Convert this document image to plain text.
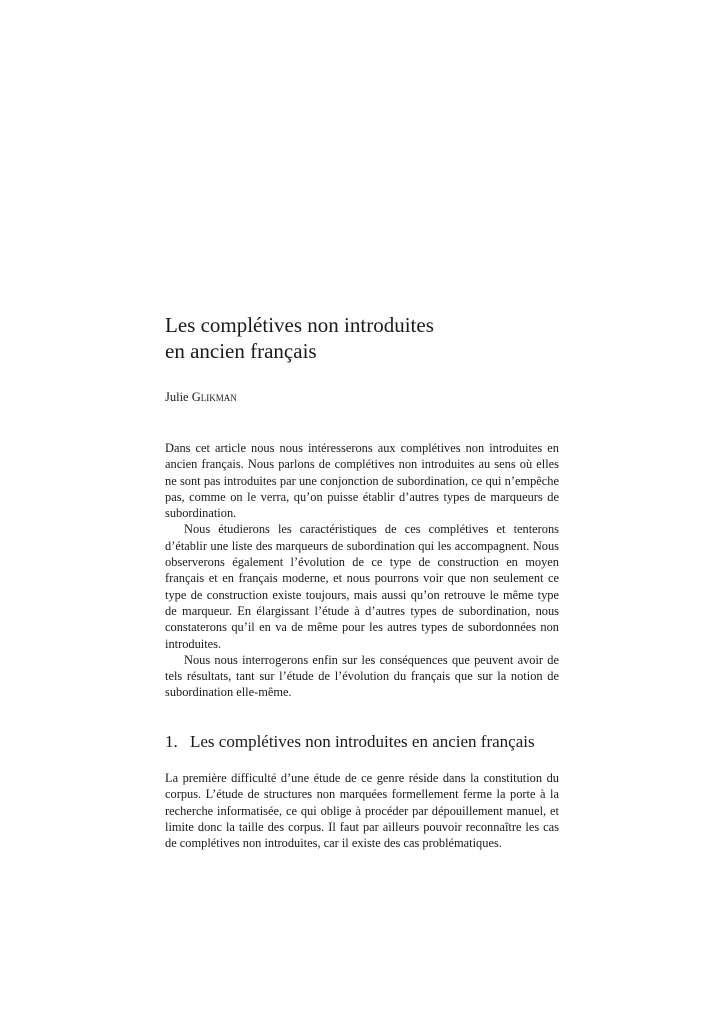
Les complétives non introduites
en ancien français

Julie Glikman

Dans cet article nous nous intéresserons aux complétives non introduites en ancien français. Nous parlons de complétives non introduites au sens où elles ne sont pas introduites par une conjonction de subordination, ce qui n’empêche pas, comme on le verra, qu’on puisse établir d’autres types de marqueurs de subordination.

Nous étudierons les caractéristiques de ces complétives et tenterons d’établir une liste des marqueurs de subordination qui les accompagnent. Nous observerons également l’évolution de ce type de construction en moyen français et en français moderne, et nous pourrons voir que non seulement ce type de construction existe toujours, mais aussi qu’on retrouve le même type de marqueur. En élargissant l’étude à d’autres types de subordination, nous constaterons qu’il en va de même pour les autres types de subordonnées non introduites.

Nous nous interrogerons enfin sur les conséquences que peuvent avoir de tels résultats, tant sur l’étude de l’évolution du français que sur la notion de subordination elle-même.

1. Les complétives non introduites en ancien français

La première difficulté d’une étude de ce genre réside dans la constitution du corpus. L’étude de structures non marquées formellement ferme la porte à la recherche informatisée, ce qui oblige à procéder par dépouillement manuel, et limite donc la taille des corpus. Il faut par ailleurs pouvoir reconnaître les cas de complétives non introduites, car il existe des cas problématiques.
